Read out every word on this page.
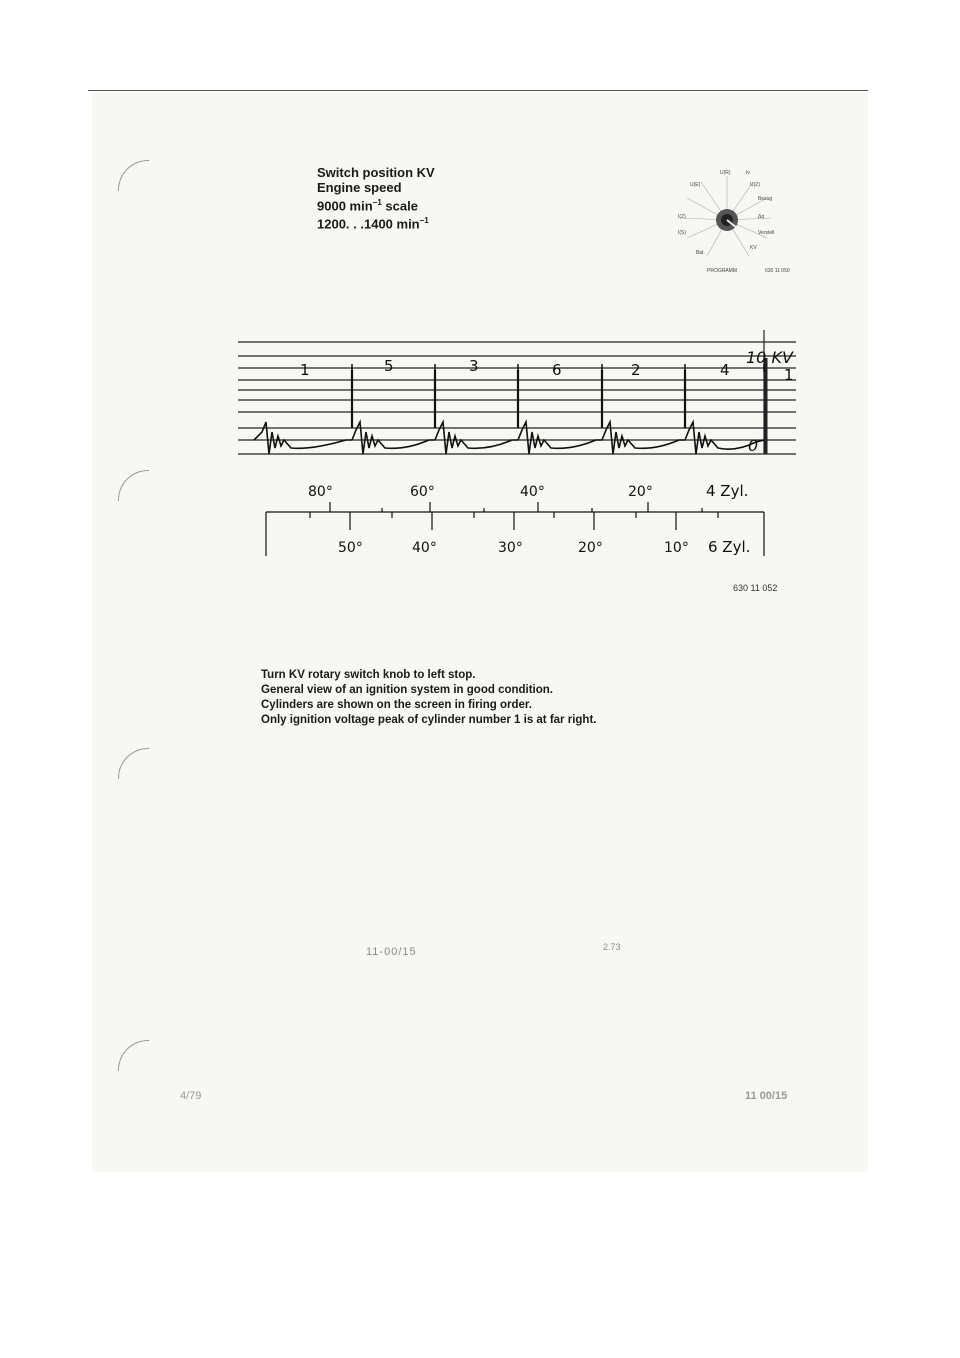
Switch position KV
Engine speed
9000 $\min^{-1}$ scale
1200. . .1400 $\min^{-1}$
U(R)	Iv
U(E)	U(Z)
Bezug
Δα
I(Z)
Verstell
I(S)
KV
Bat.
PROGRAMM	630 11 050
1	5	3	6	2	4	1
10 KV
0
80°	60°	40°	20°	4 Zyl.
50°	40°	30°	20°	10° 6 Zyl.
630 11 052
Turn KV rotary switch knob to left stop.
General view of an ignition system in good condition.
Cylinders are shown on the screen in firing order.
Only ignition voltage peak of cylinder number 1 is at far right.
11-00/15	2.73
4/79	11 00/15
